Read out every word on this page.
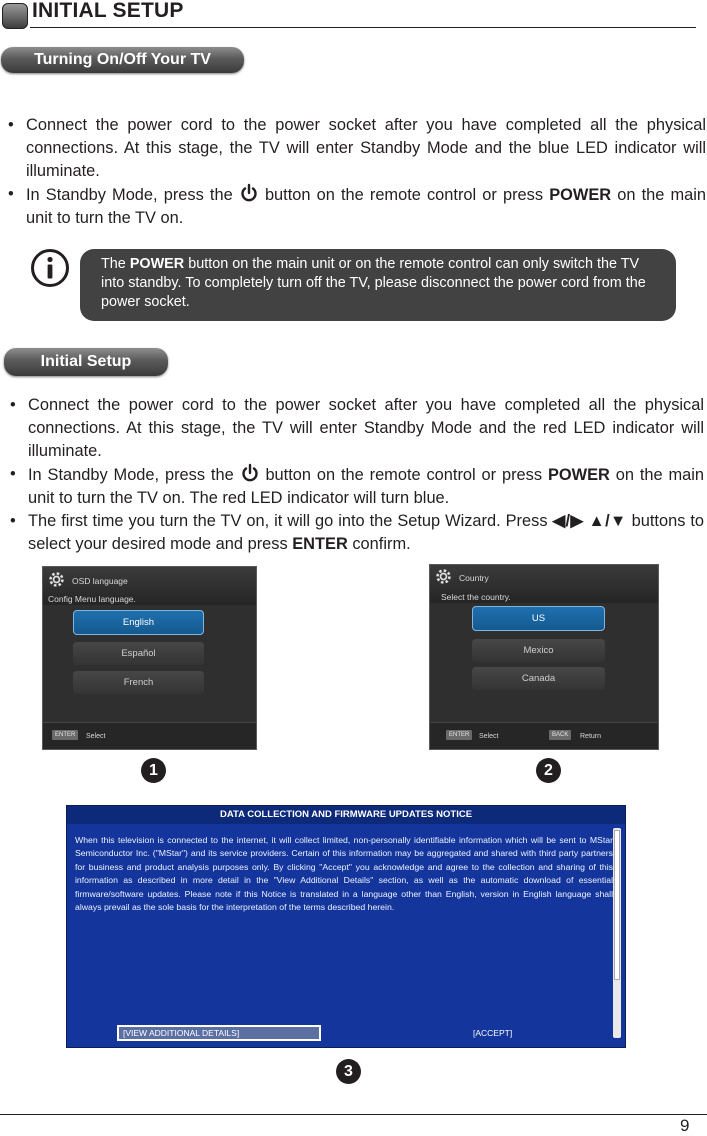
INITIAL SETUP
Turning On/Off Your TV
• Connect the power cord to the power socket after you have completed all the physical connections. At this stage, the TV will enter Standby Mode and the blue LED indicator will illuminate.
• In Standby Mode, press the button on the remote control or press POWER on the main unit to turn the TV on.
The POWER button on the main unit or on the remote control can only switch the TV into standby. To completely turn off the TV, please disconnect the power cord from the power socket.
Initial Setup
• Connect the power cord to the power socket after you have completed all the physical connections. At this stage, the TV will enter Standby Mode and the red LED indicator will illuminate.
• In Standby Mode, press the button on the remote control or press POWER on the main unit to turn the TV on. The red LED indicator will turn blue.
• The first time you turn the TV on, it will go into the Setup Wizard. Press ◀/▶ ▲/▼ buttons to select your desired mode and press ENTER confirm.
OSD language
Config Menu language.
English
Español
French
ENTER	Select
1
Country
Select the country.
US
Mexico
Canada
ENTER	Select	BACK	Return
2
DATA COLLECTION AND FIRMWARE UPDATES NOTICE
When this television is connected to the internet, it will collect limited, non-personally identifiable information which will be sent to MStar Semiconductor Inc. ("MStar") and its service providers. Certain of this information may be aggregated and shared with third party partners for business and product analysis purposes only. By clicking "Accept" you acknowledge and agree to the collection and sharing of this information as described in more detail in the "View Additional Details" section, as well as the automatic download of essential firmware/software updates. Please note if this Notice is translated in a language other than English, version in English language shall always prevail as the sole basis for the interpretation of the terms described herein.
[VIEW ADDITIONAL DETAILS]	[ACCEPT]
3
9
